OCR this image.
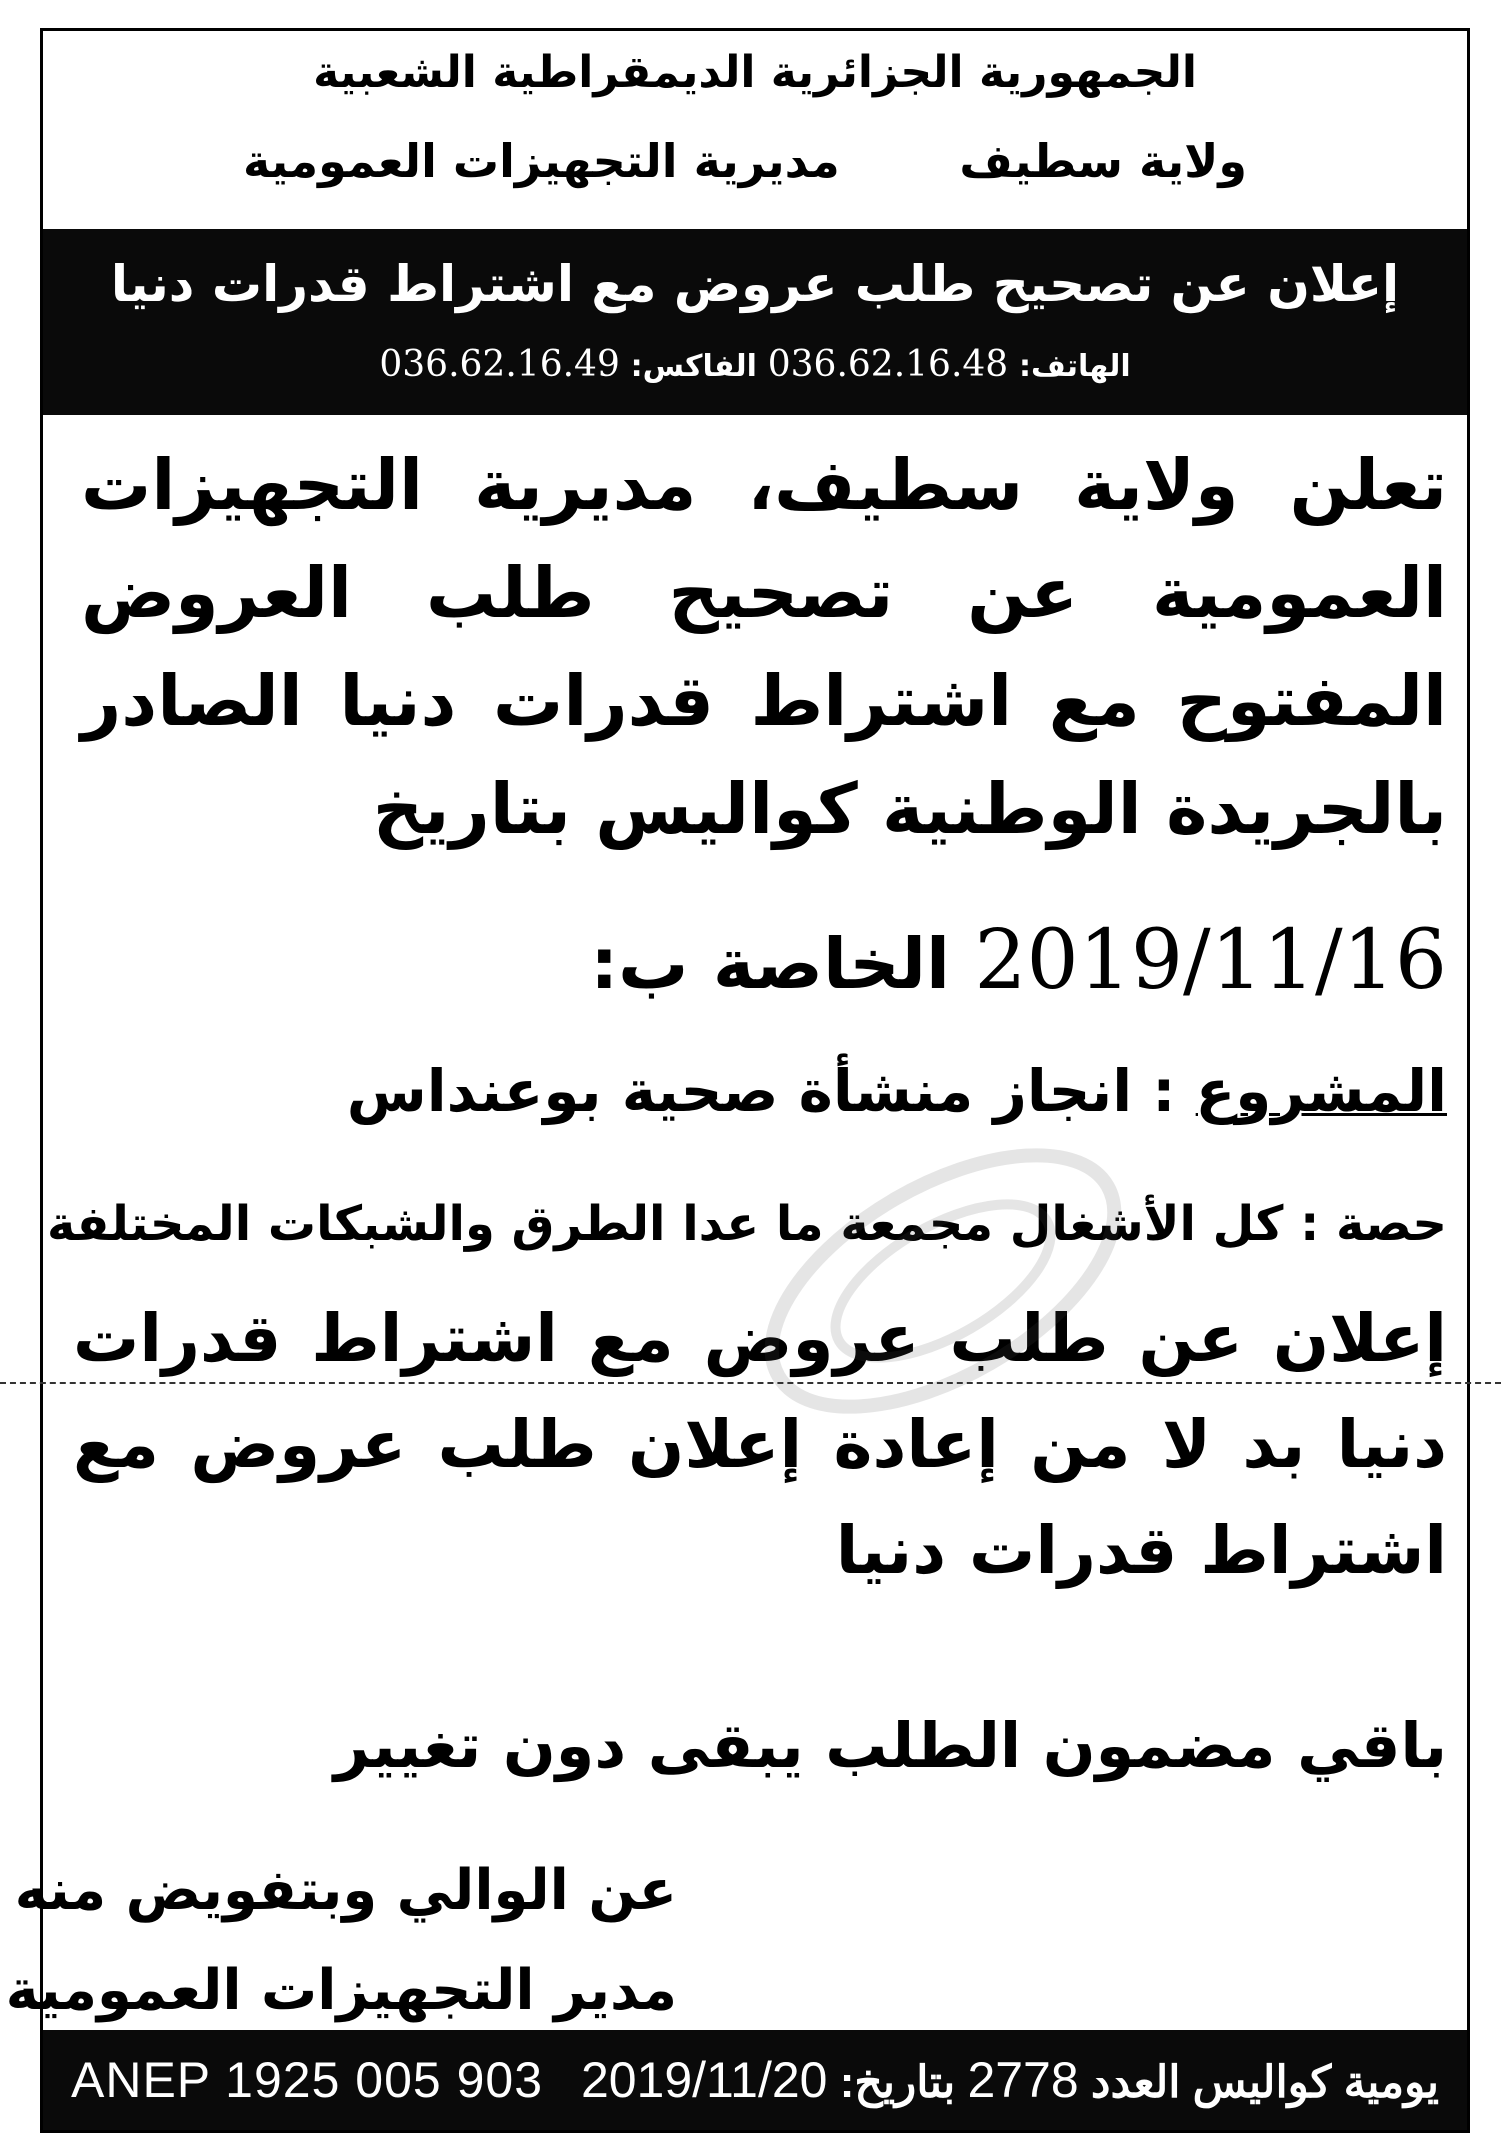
الجمهورية الجزائرية الديمقراطية الشعبية
ولاية سطيف
مديرية التجهيزات العمومية
إعلان عن تصحيح طلب عروض مع اشتراط قدرات دنيا
الهاتف: 036.62.16.48 الفاكس: 036.62.16.49
تعلن ولاية سطيف، مديرية التجهيزات العمومية عن تصحيح طلب العروض المفتوح مع اشتراط قدرات دنيا الصادر بالجريدة الوطنية كواليس بتاريخ
2019/11/16 الخاصة ب:
المشروع : انجاز منشأة صحية بوعنداس
حصة : كل الأشغال مجمعة ما عدا الطرق والشبكات المختلفة
إعلان عن طلب عروض مع اشتراط قدرات دنيا بد لا من إعادة إعلان طلب عروض مع اشتراط قدرات دنيا
باقي مضمون الطلب يبقى دون تغيير
عن الوالي وبتفويض منه
مدير التجهيزات العمومية
ANEP 1925 005 903	يومية كواليس العدد 2778 بتاريخ: 2019/11/20
